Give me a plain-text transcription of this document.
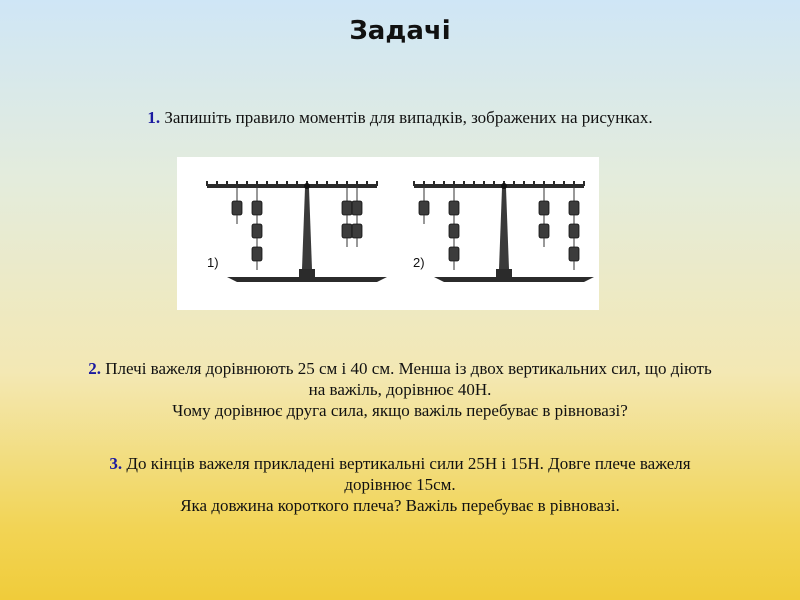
Задачі
1. Запишіть правило моментів для випадків, зображених на рисунках.
1)	2)
2. Плечі важеля дорівнюють 25 см і 40 см. Менша із двох вертикальних сил, що діють
на важіль, дорівнює 40Н.
Чому дорівнює друга сила, якщо важіль перебуває в рівновазі?
3. До кінців важеля прикладені вертикальні сили 25Н і 15Н. Довге плече важеля
дорівнює 15см.
Яка довжина короткого плеча? Важіль перебуває в рівновазі.
